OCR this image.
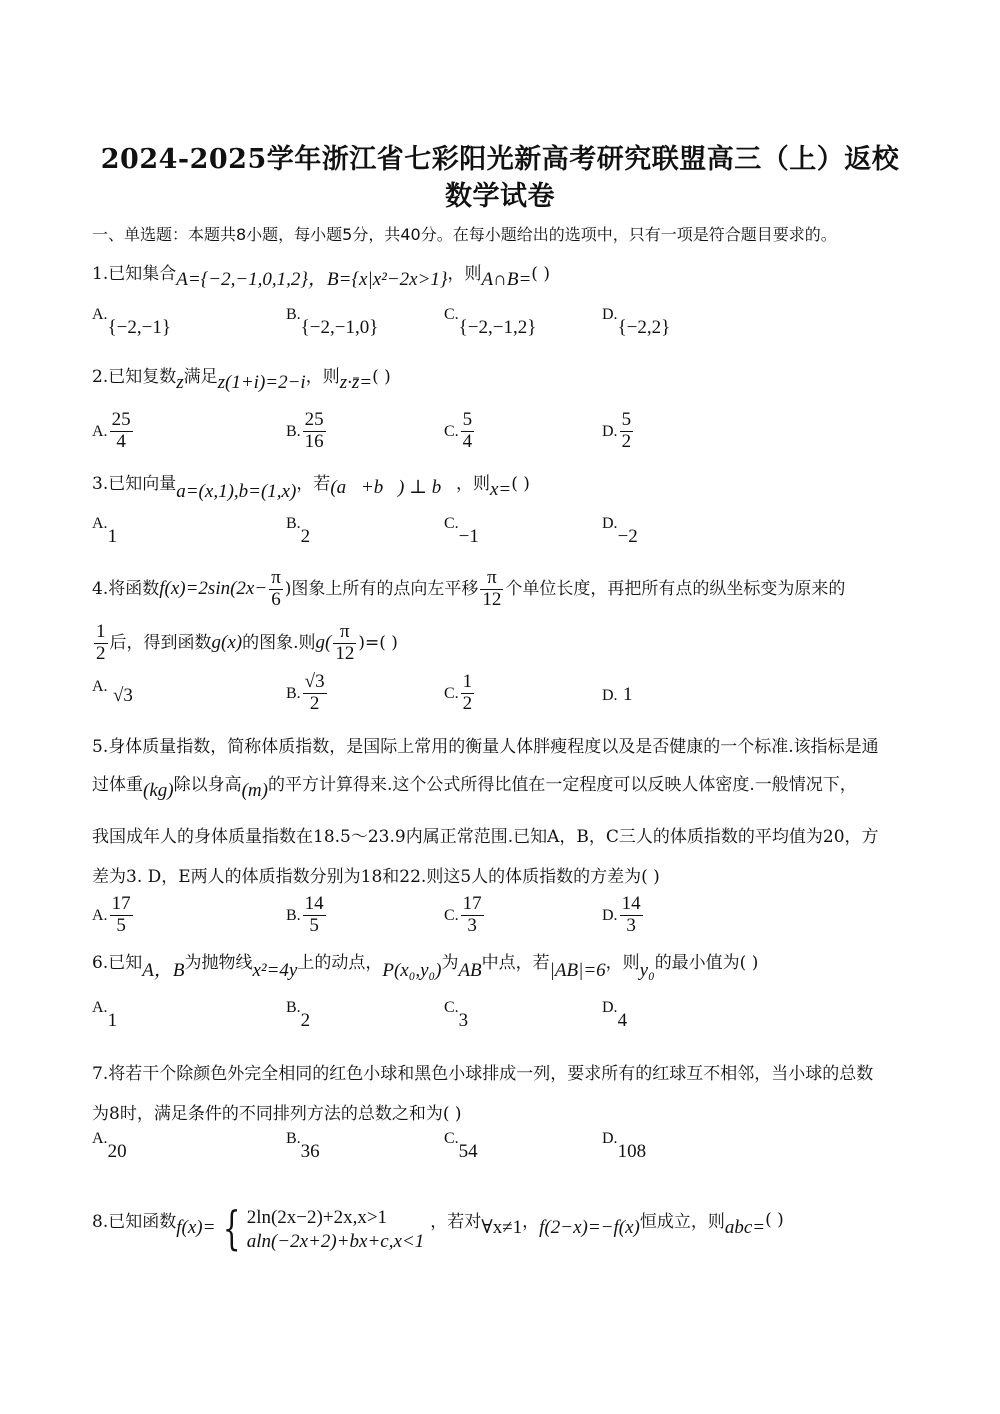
2024-2025学年浙江省七彩阳光新高考研究联盟高三（上）返校
数学试卷
一、单选题：本题共8小题，每小题5分，共40分。在每小题给出的选项中，只有一项是符合题目要求的。
1.已知集合A={−2,−1,0,1,2}，B={x|x²−2x>1}，则A∩B=( )
A.{−2,−1}
B.{−2,−1,0}
C.{−2,−1,2}
D.{−2,2}
2.已知复数z满足z(1+i)=2−i，则z·z̄=( )
A. $\frac{25}{4}$	B. $\frac{25}{16}$	C. $\frac{5}{4}$	D. $\frac{5}{2}$
3.已知向量a=(x,1),b=(1,x)，若(a⃗+b⃗) ⊥ b⃗，则x=( )
A.1
B.2
C.−1
D.−2
4.将函数$f(x)=2\sin(2x- \frac{\pi}{6}$ )图象上所有的点向左平移 $\frac{\pi}{12}$ 个单位长度，再把所有点的纵坐标变为原来的
$\frac{1}{2}$ 后，得到函数g(x)的图象.则$g( \frac{\pi}{12}$ )=( )
A. √3	B. $\frac{√3}{2}$	C. $\frac{1}{2}$	D. 1
5.身体质量指数，简称体质指数，是国际上常用的衡量人体胖瘦程度以及是否健康的一个标准.该指标是通
过体重(kg)除以身高(m)的平方计算得来.这个公式所得比值在一定程度可以反映人体密度.一般情况下，
我国成年人的身体质量指数在18.5～23.9内属正常范围.已知A，B，C三人的体质指数的平均值为20，方
差为3. D，E两人的体质指数分别为18和22.则这5人的体质指数的方差为( )
A. $\frac{17}{5}$	B. $\frac{14}{5}$	C. $\frac{17}{3}$	D. $\frac{14}{3}$
6.已知A，B为抛物线x²=4y上的动点，P(x₀,y₀)为AB中点，若|AB|=6，则y₀的最小值为( )
A.1
B.2
C.3
D.4
7.将若干个除颜色外完全相同的红色小球和黑色小球排成一列，要求所有的红球互不相邻，当小球的总数
为8时，满足条件的不同排列方法的总数之和为( )
A.20
B.36
C.54
D.108
8.已知函数 f(x)= { 2ln(2x−2)+2x,x>1
aln(−2x+2)+bx+c,x<1
，若对 ∀x≠1 ， f(2−x)=−f(x) 恒成立，则 abc= ( )
